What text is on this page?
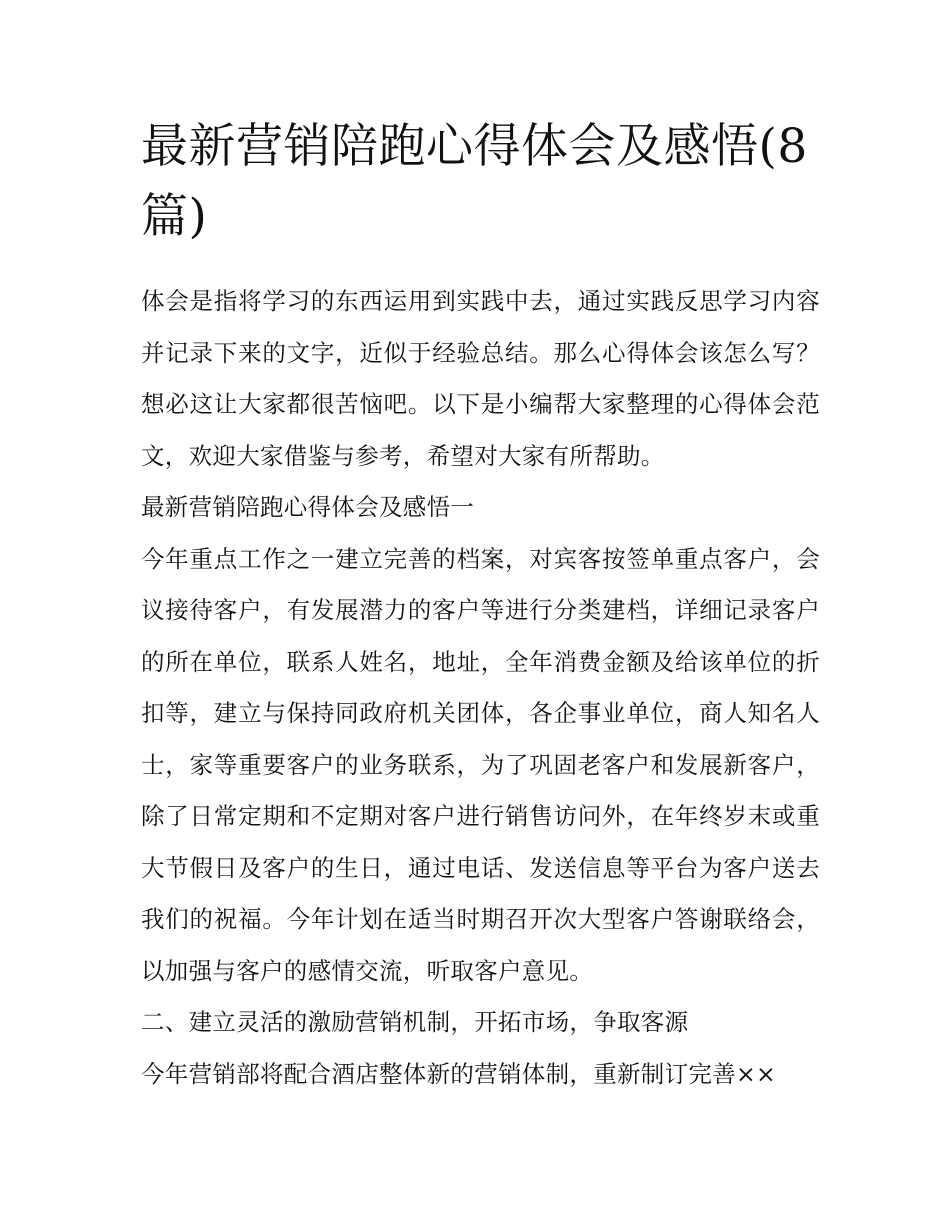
最新营销陪跑心得体会及感悟(8篇)

体会是指将学习的东西运用到实践中去，通过实践反思学习内容并记录下来的文字，近似于经验总结。那么心得体会该怎么写？想必这让大家都很苦恼吧。以下是小编帮大家整理的心得体会范文，欢迎大家借鉴与参考，希望对大家有所帮助。

最新营销陪跑心得体会及感悟一

今年重点工作之一建立完善的档案，对宾客按签单重点客户，会议接待客户，有发展潜力的客户等进行分类建档，详细记录客户的所在单位，联系人姓名，地址，全年消费金额及给该单位的折扣等，建立与保持同政府机关团体，各企事业单位，商人知名人士，家等重要客户的业务联系，为了巩固老客户和发展新客户，除了日常定期和不定期对客户进行销售访问外，在年终岁末或重大节假日及客户的生日，通过电话、发送信息等平台为客户送去我们的祝福。今年计划在适当时期召开次大型客户答谢联络会，以加强与客户的感情交流，听取客户意见。

二、建立灵活的激励营销机制，开拓市场，争取客源

今年营销部将配合酒店整体新的营销体制，重新制订完善××
